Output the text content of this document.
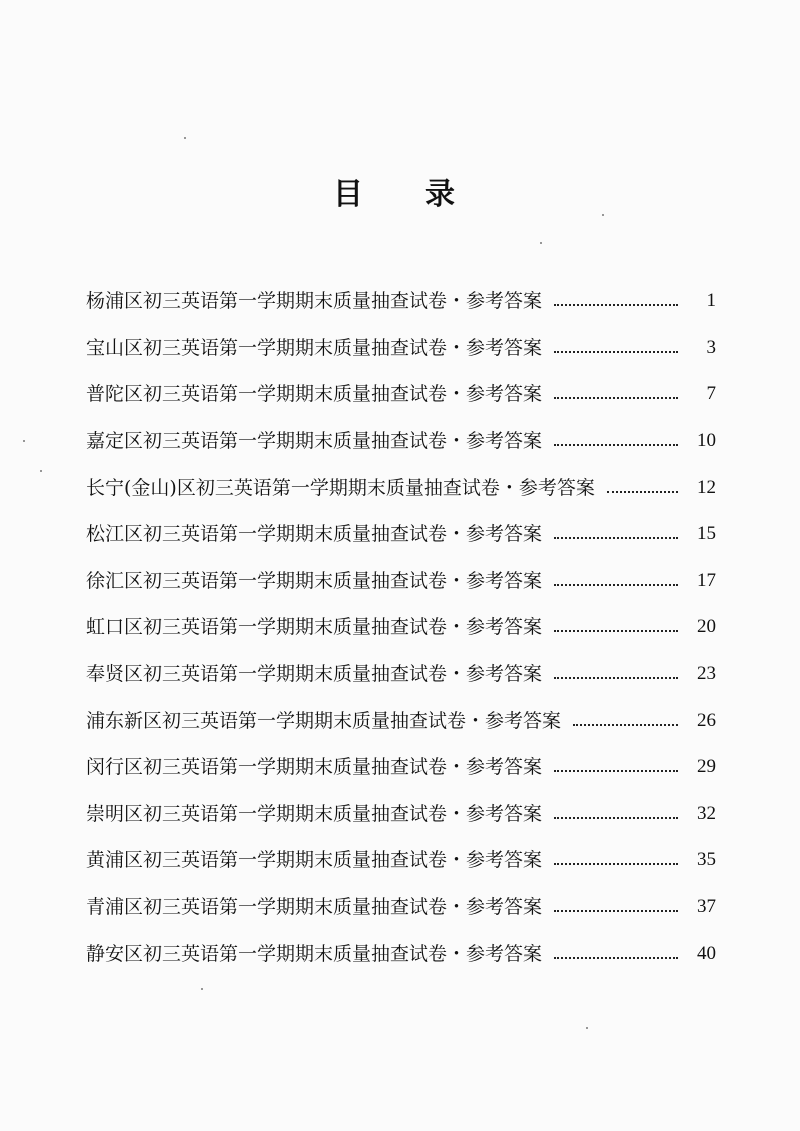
目 录
杨浦区初三英语第一学期期末质量抽查试卷・参考答案	1
宝山区初三英语第一学期期末质量抽查试卷・参考答案	3
普陀区初三英语第一学期期末质量抽查试卷・参考答案	7
嘉定区初三英语第一学期期末质量抽查试卷・参考答案	10
长宁(金山)区初三英语第一学期期末质量抽查试卷・参考答案	12
松江区初三英语第一学期期末质量抽查试卷・参考答案	15
徐汇区初三英语第一学期期末质量抽查试卷・参考答案	17
虹口区初三英语第一学期期末质量抽查试卷・参考答案	20
奉贤区初三英语第一学期期末质量抽查试卷・参考答案	23
浦东新区初三英语第一学期期末质量抽查试卷・参考答案	26
闵行区初三英语第一学期期末质量抽查试卷・参考答案	29
崇明区初三英语第一学期期末质量抽查试卷・参考答案	32
黄浦区初三英语第一学期期末质量抽查试卷・参考答案	35
青浦区初三英语第一学期期末质量抽查试卷・参考答案	37
静安区初三英语第一学期期末质量抽查试卷・参考答案	40
